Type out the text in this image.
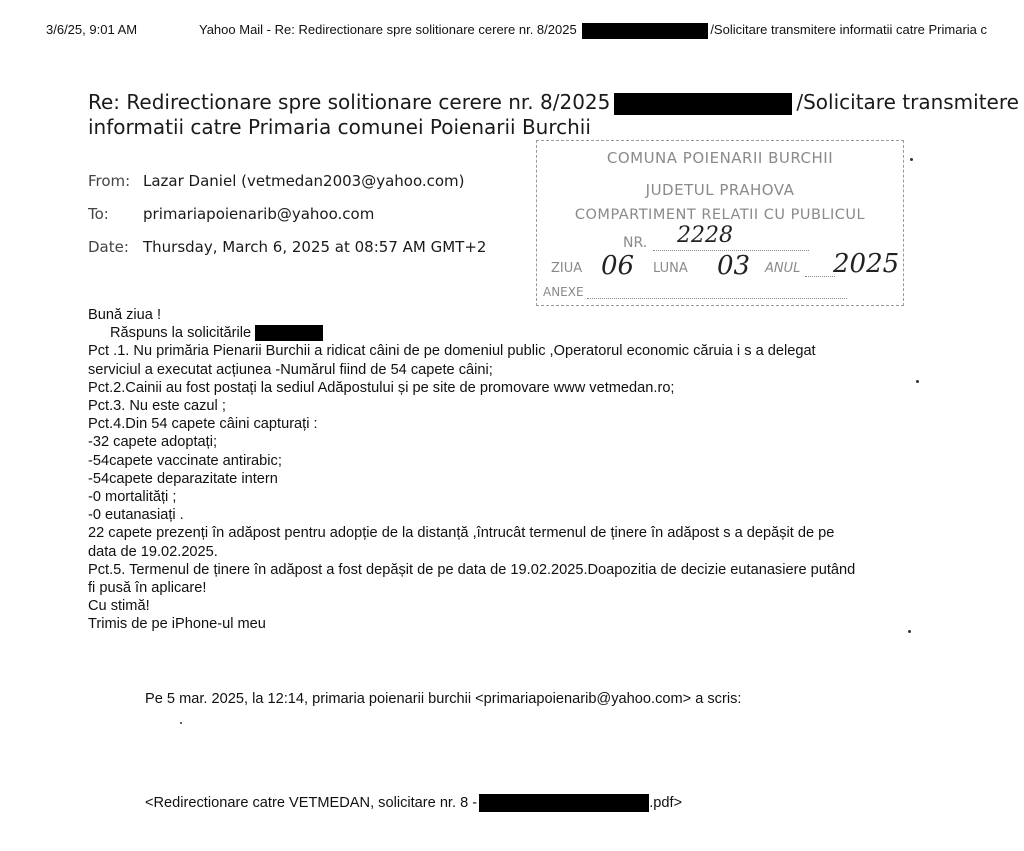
3/6/25, 9:01 AM	Yahoo Mail - Re: Redirectionare spre solitionare cerere nr. 8/2025	/Solicitare transmitere informatii catre Primaria c
Re: Redirectionare spre solitionare cerere nr. 8/2025	/Solicitare transmitere
informatii catre Primaria comunei Poienarii Burchii
From: Lazar Daniel (vetmedan2003@yahoo.com)
To: primariapoienarib@yahoo.com
Date: Thursday, March 6, 2025 at 08:57 AM GMT+2
COMUNA POIENARII BURCHII
JUDETUL PRAHOVA
COMPARTIMENT RELATII CU PUBLICUL
NR. 2228
ZIUA 06 LUNA 03 ANUL 2025
ANEXE
Bună ziua !
Răspuns la solicitările
Pct .1. Nu primăria Pienarii Burchii a ridicat câini de pe domeniul public ,Operatorul economic căruia i s a delegat
serviciul a executat acțiunea -Numărul fiind de 54 capete câini;
Pct.2.Cainii au fost postați la sediul Adăpostului și pe site de promovare www vetmedan.ro;
Pct.3. Nu este cazul ;
Pct.4.Din 54 capete câini capturați :
-32 capete adoptați;
-54capete vaccinate antirabic;
-54capete deparazitate intern
-0 mortalități ;
-0 eutanasiați .
22 capete prezenți în adăpost pentru adopție de la distanță ,întrucât termenul de ținere în adăpost s a depășit de pe
data de 19.02.2025.
Pct.5. Termenul de ținere în adăpost a fost depășit de pe data de 19.02.2025.Doapozitia de decizie eutanasiere putând
fi pusă în aplicare!
Cu stimă!
Trimis de pe iPhone-ul meu
Pe 5 mar. 2025, la 12:14, primaria poienarii burchii <primariapoienarib@yahoo.com> a scris:
<Redirectionare catre VETMEDAN, solicitare nr. 8 -	.pdf>
